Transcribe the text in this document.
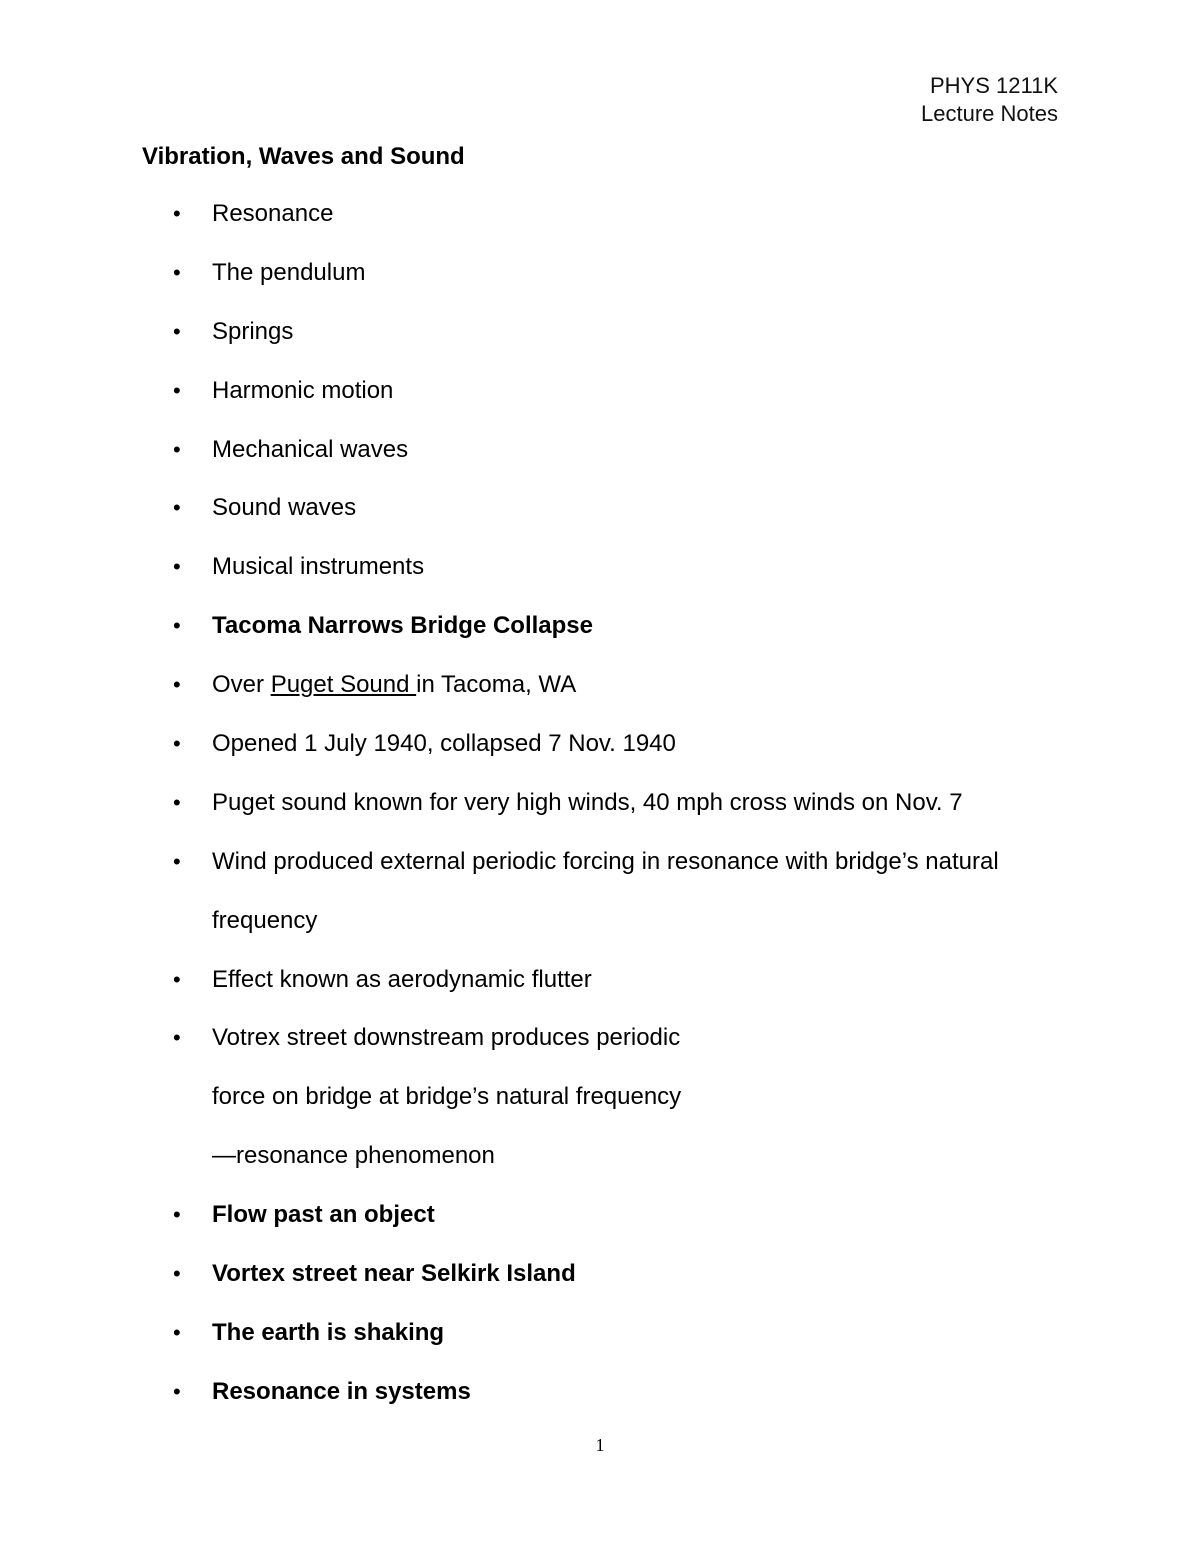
PHYS 1211K
Lecture Notes
Vibration, Waves and Sound
•	Resonance
•	The pendulum
•	Springs
•	Harmonic motion
•	Mechanical waves
•	Sound waves
•	Musical instruments
•	Tacoma Narrows Bridge Collapse
•	Over Puget Sound in Tacoma, WA
•	Opened 1 July 1940, collapsed 7 Nov. 1940
•	Puget sound known for very high winds, 40 mph cross winds on Nov. 7
•	Wind produced external periodic forcing in resonance with bridge’s natural
frequency
•	Effect known as aerodynamic flutter
•	Votrex street downstream produces periodic
force on bridge at bridge’s natural frequency
—resonance phenomenon
•	Flow past an object
•	Vortex street near Selkirk Island
•	The earth is shaking
•	Resonance in systems
1
